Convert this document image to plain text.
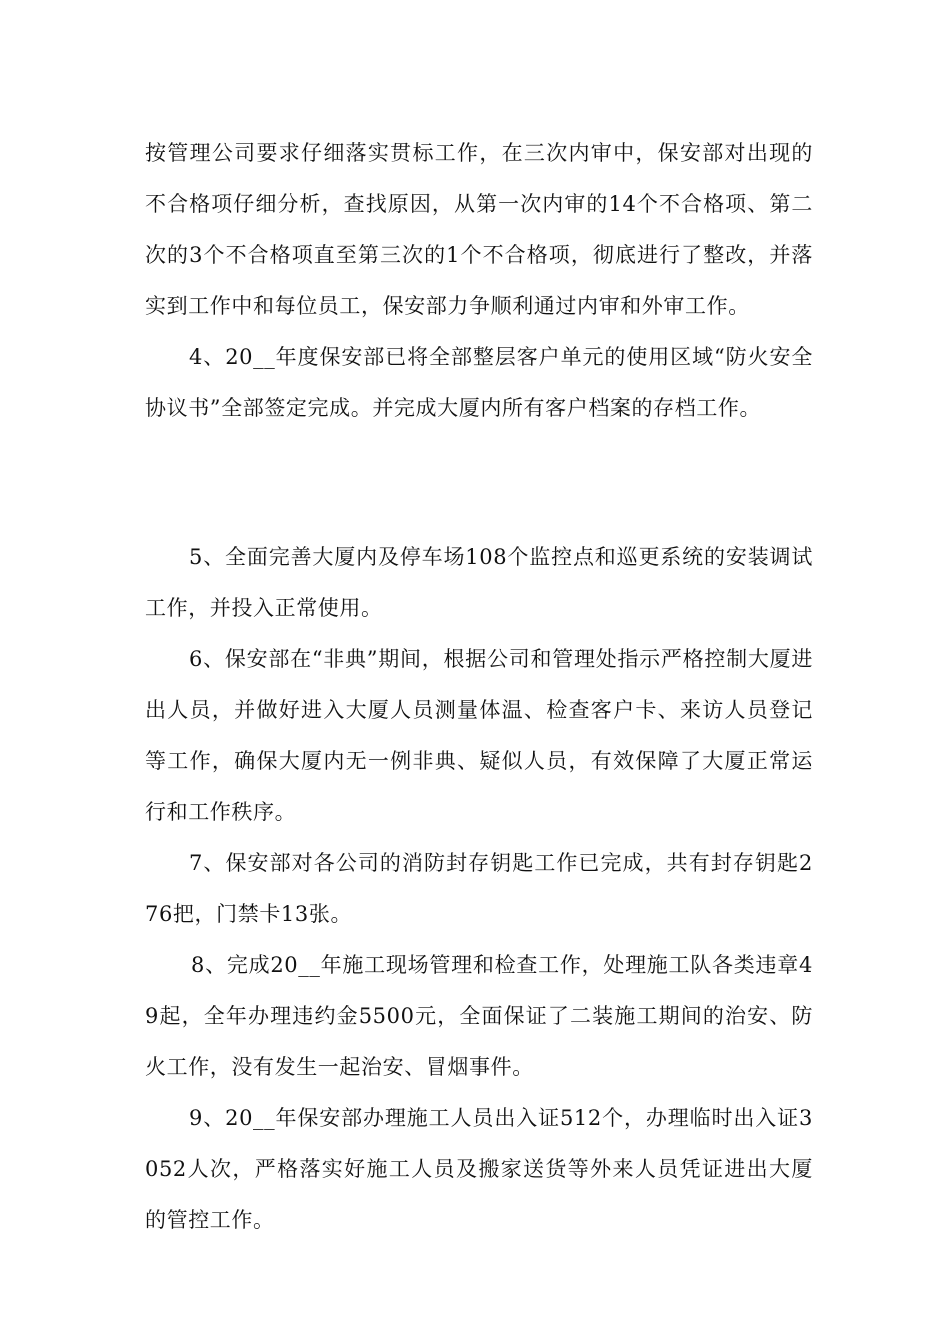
按管理公司要求仔细落实贯标工作，在三次内审中，保安部对出现的不合格项仔细分析，查找原因，从第一次内审的14个不合格项、第二次的3个不合格项直至第三次的1个不合格项，彻底进行了整改，并落实到工作中和每位员工，保安部力争顺利通过内审和外审工作。

4、20__年度保安部已将全部整层客户单元的使用区域“防火安全协议书”全部签定完成。并完成大厦内所有客户档案的存档工作。

5、全面完善大厦内及停车场108个监控点和巡更系统的安装调试工作，并投入正常使用。

6、保安部在“非典”期间，根据公司和管理处指示严格控制大厦进出人员，并做好进入大厦人员测量体温、检查客户卡、来访人员登记等工作，确保大厦内无一例非典、疑似人员，有效保障了大厦正常运行和工作秩序。

7、保安部对各公司的消防封存钥匙工作已完成，共有封存钥匙276把，门禁卡13张。

8、完成20__年施工现场管理和检查工作，处理施工队各类违章49起，全年办理违约金5500元，全面保证了二装施工期间的治安、防火工作，没有发生一起治安、冒烟事件。

9、20__年保安部办理施工人员出入证512个，办理临时出入证3052人次，严格落实好施工人员及搬家送货等外来人员凭证进出大厦的管控工作。
